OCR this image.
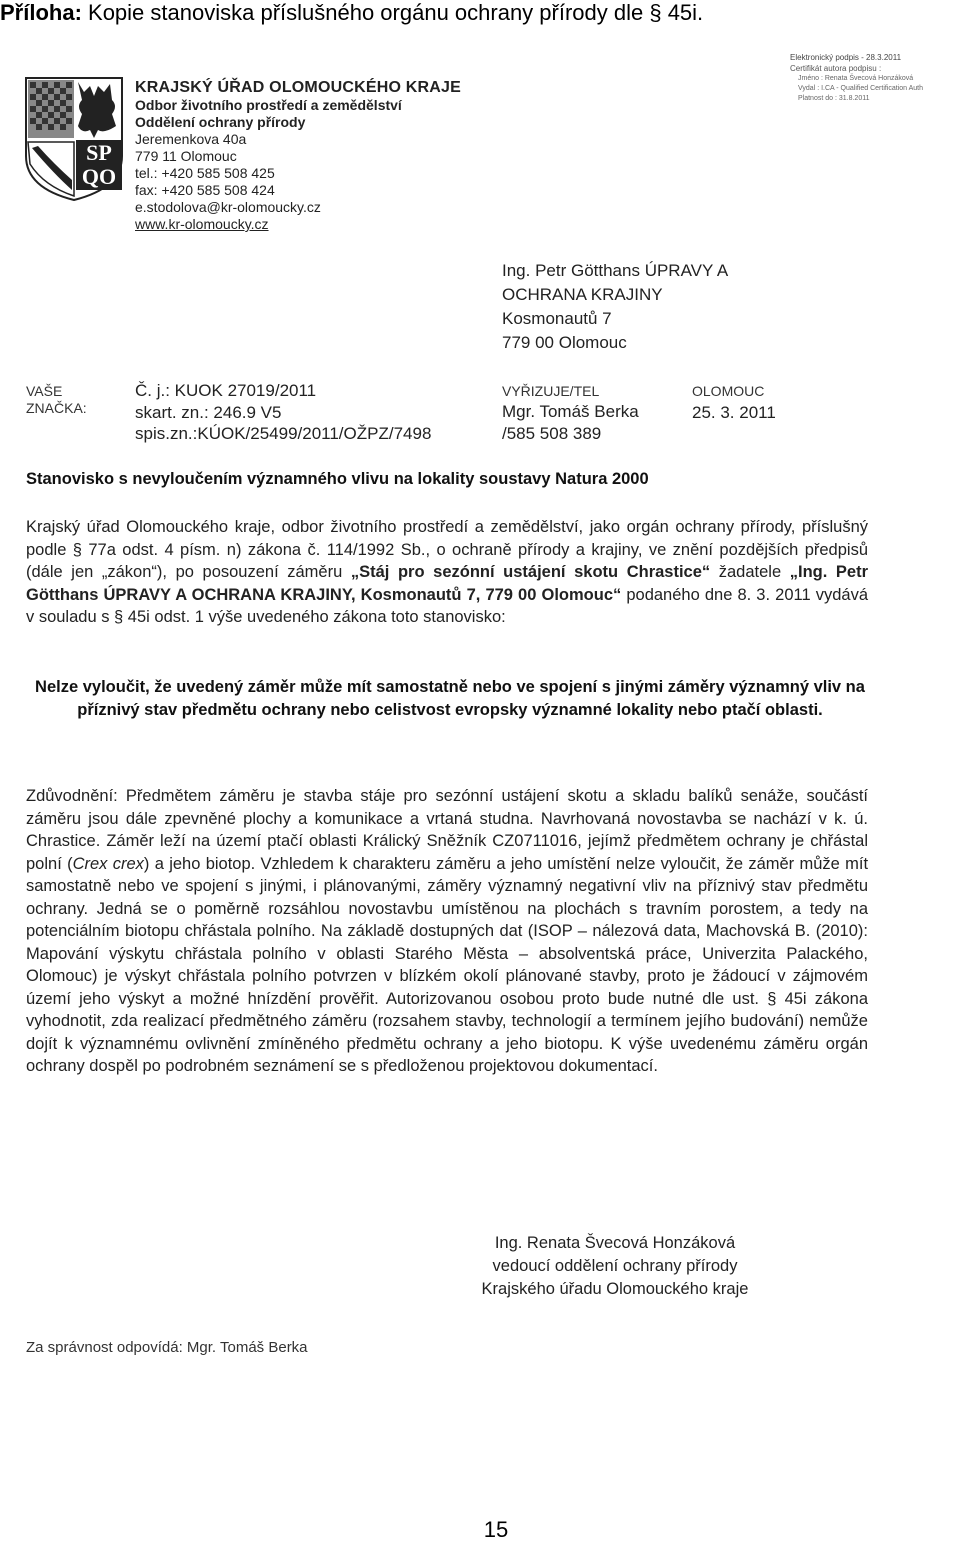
Příloha: Kopie stanoviska příslušného orgánu ochrany přírody dle § 45i.
Elektronický podpis - 28.3.2011
Certifikát autora podpisu :
Jméno : Renata Švecová Honzáková
Vydal : I.CA - Qualified Certification Auth
Platnost do : 31.8.2011
SP
QO
KRAJSKÝ ÚŘAD OLOMOUCKÉHO KRAJE
Odbor životního prostředí a zemědělství
Oddělení ochrany přírody
Jeremenkova 40a
779 11 Olomouc
tel.: +420 585 508 425
fax: +420 585 508 424
e.stodolova@kr-olomoucky.cz
www.kr-olomoucky.cz
Ing. Petr Götthans ÚPRAVY A
OCHRANA KRAJINY
Kosmonautů 7
779 00 Olomouc
VAŠE
ZNAČKA:
Č. j.: KUOK 27019/2011
skart. zn.: 246.9 V5
spis.zn.:KÚOK/25499/2011/OŽPZ/7498
VYŘIZUJE/TEL
Mgr. Tomáš Berka
/585 508 389
OLOMOUC
25. 3. 2011
Stanovisko s nevyloučením významného vlivu na lokality soustavy Natura 2000
Krajský úřad Olomouckého kraje, odbor životního prostředí a zemědělství, jako orgán ochrany přírody, příslušný podle § 77a odst. 4 písm. n) zákona č. 114/1992 Sb., o ochraně přírody a krajiny, ve znění pozdějších předpisů (dále jen „zákon“), po posouzení záměru „Stáj pro sezónní ustájení skotu Chrastice“ žadatele „Ing. Petr Götthans ÚPRAVY A OCHRANA KRAJINY, Kosmonautů 7, 779 00 Olomouc“ podaného dne 8. 3. 2011 vydává v souladu s § 45i odst. 1 výše uvedeného zákona toto stanovisko:
Nelze vyloučit, že uvedený záměr může mít samostatně nebo ve spojení s jinými záměry významný vliv na příznivý stav předmětu ochrany nebo celistvost evropsky významné lokality nebo ptačí oblasti.
Zdůvodnění: Předmětem záměru je stavba stáje pro sezónní ustájení skotu a skladu balíků senáže, součástí záměru jsou dále zpevněné plochy a komunikace a vrtaná studna. Navrhovaná novostavba se nachází v k. ú. Chrastice. Záměr leží na území ptačí oblasti Králický Sněžník CZ0711016, jejímž předmětem ochrany je chřástal polní (Crex crex) a jeho biotop. Vzhledem k charakteru záměru a jeho umístění nelze vyloučit, že záměr může mít samostatně nebo ve spojení s jinými, i plánovanými, záměry významný negativní vliv na příznivý stav předmětu ochrany. Jedná se o poměrně rozsáhlou novostavbu umístěnou na plochách s travním porostem, a tedy na potenciálním biotopu chřástala polního. Na základě dostupných dat (ISOP – nálezová data, Machovská B. (2010): Mapování výskytu chřástala polního v oblasti Starého Města – absolventská práce, Univerzita Palackého, Olomouc) je výskyt chřástala polního potvrzen v blízkém okolí plánované stavby, proto je žádoucí v zájmovém území jeho výskyt a možné hnízdění prověřit. Autorizovanou osobou proto bude nutné dle ust. § 45i zákona vyhodnotit, zda realizací předmětného záměru (rozsahem stavby, technologií a termínem jejího budování) nemůže dojít k významnému ovlivnění zmíněného předmětu ochrany a jeho biotopu. K výše uvedenému záměru orgán ochrany dospěl po podrobném seznámení se s předloženou projektovou dokumentací.
Ing. Renata Švecová Honzáková
vedoucí oddělení ochrany přírody
Krajského úřadu Olomouckého kraje
Za správnost odpovídá: Mgr. Tomáš Berka
15
